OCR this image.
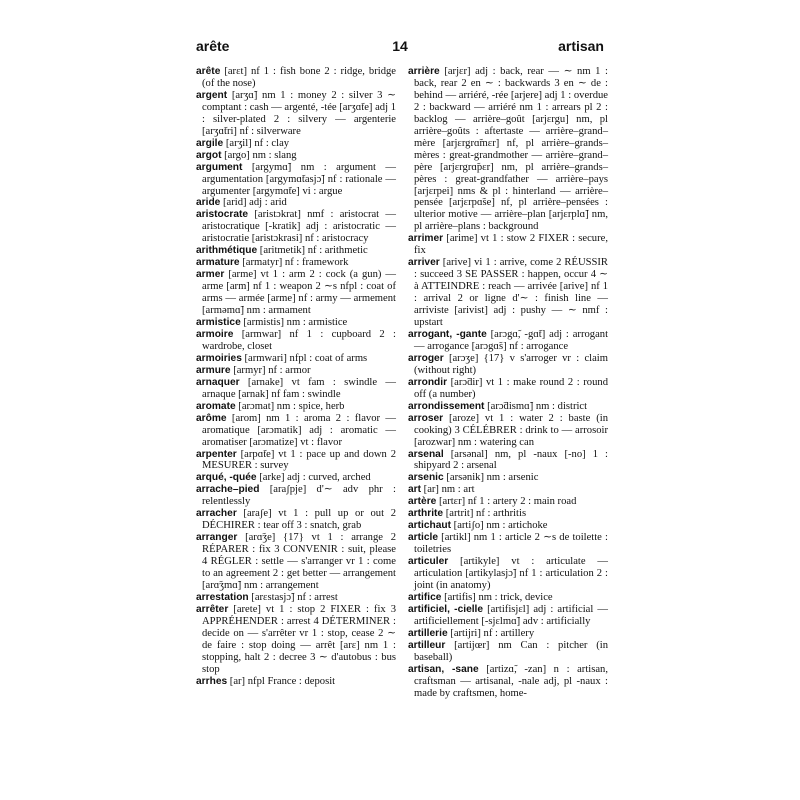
arête	14	artisan

arête [arɛt] nf 1 : fish bone 2 : ridge, bridge (of the nose)

argent [arʒɑ̃] nm 1 : money 2 : silver 3 ∼ comptant : cash — argenté, -tée [arʒɑ̃te] adj 1 : silver-plated 2 : silvery — argenterie [arʒɑ̃tri] nf : silverware

argile [arʒil] nf : clay

argot [argo] nm : slang

argument [argymɑ̃] nm : argument — argumentation [argymɑ̃tasjɔ̃] nf : rationale — argumenter [argymɑ̃te] vi : argue

aride [arid] adj : arid

aristocrate [aristɔkrat] nmf : aristocrat — aristocratique [-kratik] adj : aristocratic — aristocratie [aristɔkrasi] nf : aristocracy

arithmétique [aritmetik] nf : arithmetic

armature [armatyr] nf : framework

armer [arme] vt 1 : arm 2 : cock (a gun) — arme [arm] nf 1 : weapon 2 ∼s nfpl : coat of arms — armée [arme] nf : army — armement [arməmɑ̃] nm : armament

armistice [armistis] nm : armistice

armoire [armwar] nf 1 : cupboard 2 : wardrobe, closet

armoiries [armwari] nfpl : coat of arms

armure [armyr] nf : armor

arnaquer [arnake] vt fam : swindle — arnaque [arnak] nf fam : swindle

aromate [arɔmat] nm : spice, herb

arôme [arom] nm 1 : aroma 2 : flavor — aromatique [arɔmatik] adj : aromatic — aromatiser [arɔmatize] vt : flavor

arpenter [arpɑ̃te] vt 1 : pace up and down 2 MESURER : survey

arqué, -quée [arke] adj : curved, arched

arrache–pied [araʃpje] d'∼ adv phr : relentlessly

arracher [araʃe] vt 1 : pull up or out 2 DÉCHIRER : tear off 3 : snatch, grab

arranger [arɑ̃ʒe] {17} vt 1 : arrange 2 RÉPARER : fix 3 CONVENIR : suit, please 4 RÉGLER : settle — s'arranger vr 1 : come to an agreement 2 : get better — arrangement [arɑ̃ʒmɑ̃] nm : arrangement

arrestation [arɛstasjɔ̃] nf : arrest

arrêter [arete] vt 1 : stop 2 FIXER : fix 3 APPRÉHENDER : arrest 4 DÉTERMINER : decide on — s'arrêter vr 1 : stop, cease 2 ∼ de faire : stop doing — arrêt [arɛ] nm 1 : stopping, halt 2 : decree 3 ∼ d'autobus : bus stop

arrhes [ar] nfpl France : deposit

arrière [arjɛr] adj : back, rear — ∼ nm 1 : back, rear 2 en ∼ : backwards 3 en ∼ de : behind — arriéré, -rée [arjere] adj 1 : overdue 2 : backward — arriéré nm 1 : arrears pl 2 : backlog — arrière–goût [arjɛrgu] nm, pl arrière–goûts : aftertaste — arrière–grand–mère [arjɛrgrɑ̃mɛr] nf, pl arrière–grands–mères : great-grandmother — arrière–grand–père [arjɛrgrɑ̃pɛr] nm, pl arrière–grands–pères : great-grandfather — arrière–pays [arjɛrpei] nms & pl : hinterland — arrière–pensée [arjɛrpɑ̃se] nf, pl arrière–pensées : ulterior motive — arrière–plan [arjɛrplɑ̃] nm, pl arrière–plans : background

arrimer [arime] vt 1 : stow 2 FIXER : secure, fix

arriver [arive] vi 1 : arrive, come 2 RÉUSSIR : succeed 3 SE PASSER : happen, occur 4 ∼ à ATTEINDRE : reach — arrivée [arive] nf 1 : arrival 2 or ligne d'∼ : finish line — arriviste [arivist] adj : pushy — ∼ nmf : upstart

arrogant, -gante [arɔgɑ̃, -gɑ̃t] adj : arrogant — arrogance [arɔgɑ̃s] nf : arrogance

arroger [arɔʒe] {17} v s'arroger vr : claim (without right)

arrondir [arɔ̃dir] vt 1 : make round 2 : round off (a number)

arrondissement [arɔ̃dismɑ̃] nm : district

arroser [aroze] vt 1 : water 2 : baste (in cooking) 3 CÉLÉBRER : drink to — arrosoir [arozwar] nm : watering can

arsenal [arsənal] nm, pl -naux [-no] 1 : shipyard 2 : arsenal

arsenic [arsənik] nm : arsenic

art [ar] nm : art

artère [artɛr] nf 1 : artery 2 : main road

arthrite [artrit] nf : arthritis

artichaut [artiʃo] nm : artichoke

article [artikl] nm 1 : article 2 ∼s de toilette : toiletries

articuler [artikyle] vt : articulate — articulation [artikylasjɔ̃] nf 1 : articulation 2 : joint (in anatomy)

artifice [artifis] nm : trick, device

artificiel, -cielle [artifisjɛl] adj : artificial — artificiellement [-sjɛlmɑ̃] adv : artificially

artillerie [artijri] nf : artillery

artilleur [artijœr] nm Can : pitcher (in baseball)

artisan, -sane [artizɑ̃, -zan] n : artisan, craftsman — artisanal, -nale adj, pl -naux : made by craftsmen, home-
